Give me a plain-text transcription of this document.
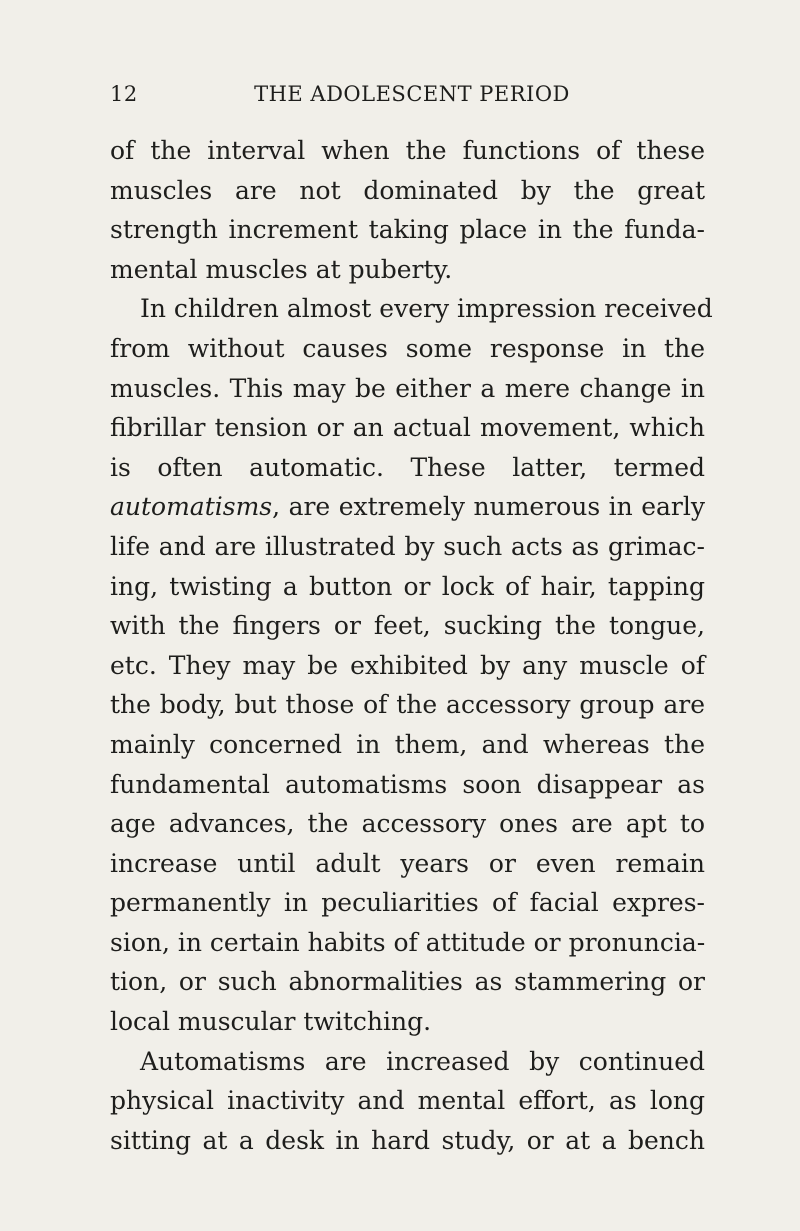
12	THE ADOLESCENT PERIOD
of the interval when the functions of these
muscles are not dominated by the great
strength increment taking place in the funda-
mental muscles at puberty.
In children almost every impression received
from without causes some response in the
muscles. This may be either a mere change in
fibrillar tension or an actual movement, which
is often automatic. These latter, termed
automatisms, are extremely numerous in early
life and are illustrated by such acts as grimac-
ing, twisting a button or lock of hair, tapping
with the fingers or feet, sucking the tongue,
etc. They may be exhibited by any muscle of
the body, but those of the accessory group are
mainly concerned in them, and whereas the
fundamental automatisms soon disappear as
age advances, the accessory ones are apt to
increase until adult years or even remain
permanently in peculiarities of facial expres-
sion, in certain habits of attitude or pronuncia-
tion, or such abnormalities as stammering or
local muscular twitching.
Automatisms are increased by continued
physical inactivity and mental effort, as long
sitting at a desk in hard study, or at a bench
